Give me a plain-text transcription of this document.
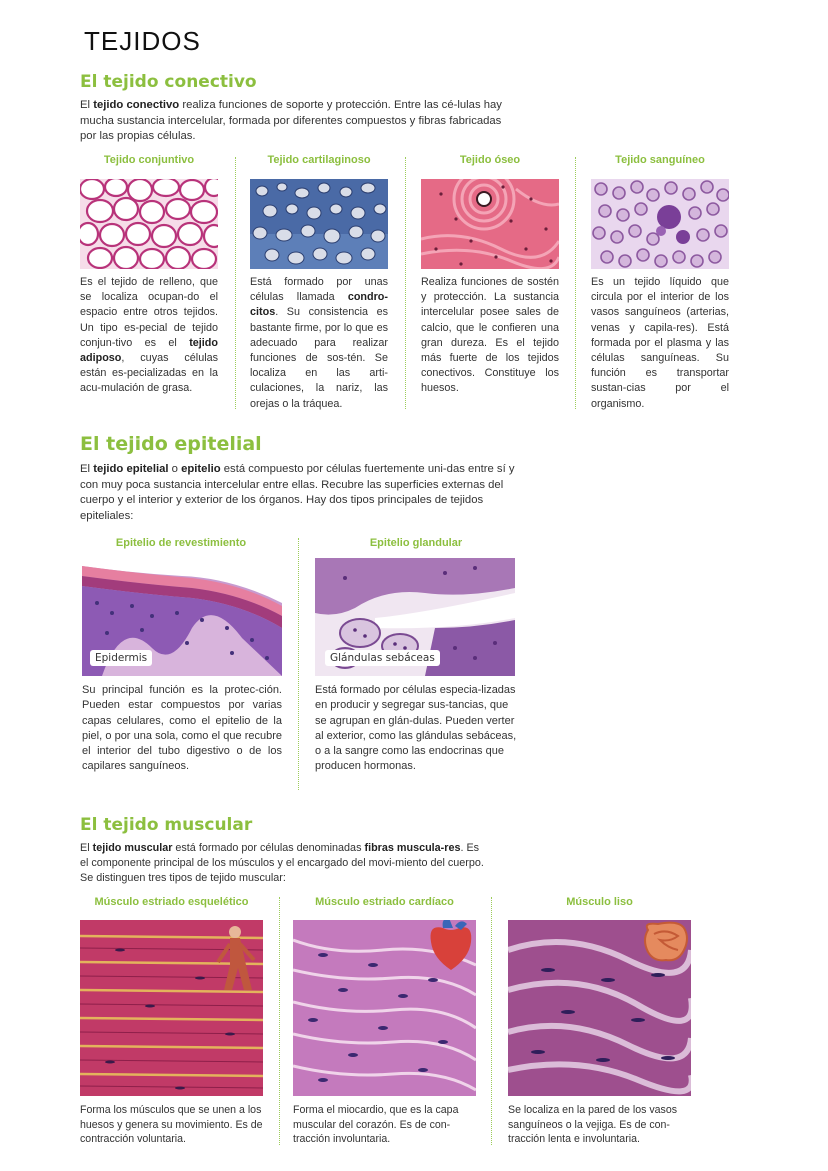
TEJIDOS
El tejido conectivo

El tejido conectivo realiza funciones de soporte y protección. Entre las cé-lulas hay mucha sustancia intercelular, formada por diferentes compuestos y fibras fabricadas por las propias células.

Tejido conjuntivo

Es el tejido de relleno, que se localiza ocupan-do el espacio entre otros tejidos. Un tipo es-pecial de tejido conjun-tivo es el tejido adiposo, cuyas células están es-pecializadas en la acu-mulación de grasa.

Tejido cartilaginoso

Está formado por unas células llamada condro-citos. Su consistencia es bastante firme, por lo que es adecuado para realizar funciones de sos-tén. Se localiza en las arti-culaciones, la nariz, las orejas o la tráquea.

Tejido óseo

Realiza funciones de sostén y protección. La sustancia intercelular posee sales de calcio, que le confieren una gran dureza. Es el tejido más fuerte de los tejidos conectivos. Constituye los huesos.

Tejido sanguíneo

Es un tejido líquido que circula por el interior de los vasos sanguíneos (arterias, venas y capila-res). Está formada por el plasma y las células sanguíneas. Su función es transportar sustan-cias por el organismo.

El tejido epitelial

El tejido epitelial o epitelio está compuesto por células fuertemente uni-das entre sí y con muy poca sustancia intercelular entre ellas. Recubre las superficies externas del cuerpo y el interior y exterior de los órganos. Hay dos tipos principales de tejidos epiteliales:

Epitelio de revestimiento

Epidermis

Su principal función es la protec-ción. Pueden estar compuestos por varias capas celulares, como el epitelio de la piel, o por una sola, como el que recubre el interior del tubo digestivo o de los capilares sanguíneos.

Epitelio glandular

Glándulas sebáceas

Está formado por células especia-lizadas en producir y segregar sus-tancias, que se agrupan en glán-dulas. Pueden verter al exterior, como las glándulas sebáceas, o a la sangre como las endocrinas que producen hormonas.

El tejido muscular

El tejido muscular está formado por células denominadas fibras muscula-res. Es el componente principal de los músculos y el encargado del movi-miento del cuerpo. Se distinguen tres tipos de tejido muscular:

Músculo estriado esquelético

Forma los músculos que se unen a los huesos y genera su movimiento. Es de contracción voluntaria.

Músculo estriado cardíaco

Forma el miocardio, que es la capa muscular del corazón. Es de con-tracción involuntaria.

Músculo liso

Se localiza en la pared de los vasos sanguíneos o la vejiga. Es de con-tracción lenta e involuntaria.
